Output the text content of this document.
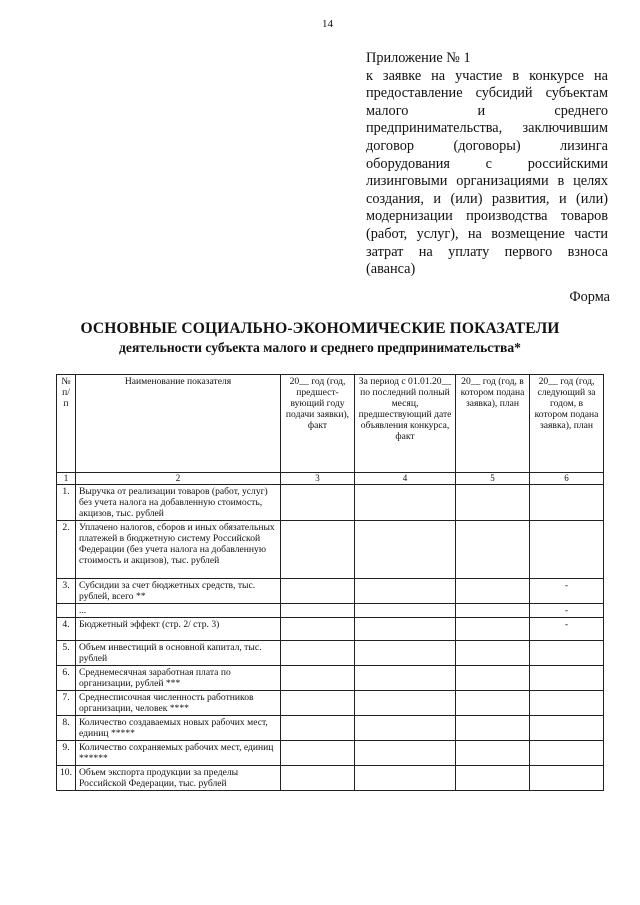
14
Приложение № 1
к заявке на участие в конкурсе на предоставление субсидий субъектам малого и среднего предпринимательства, заключившим договор (договоры) лизинга оборудования с российскими лизинговыми организациями в целях создания, и (или) развития, и (или) модернизации производства товаров (работ, услуг), на возмещение части затрат на уплату первого взноса (аванса)
Форма
ОСНОВНЫЕ СОЦИАЛЬНО-ЭКОНОМИЧЕСКИЕ ПОКАЗАТЕЛИ
деятельности субъекта малого и среднего предпринимательства*
№ п/п	Наименование показателя	20__ год (год, предшест-вующий году подачи заявки), факт	За период с 01.01.20__ по последний полный месяц, предшествующий дате объявления конкурса, факт	20__ год (год, в котором подана заявка), план	20__ год (год, следующий за годом, в котором подана заявка), план
1	2	3	4	5	6
1.	Выручка от реализации товаров (работ, услуг) без учета налога на добавленную стоимость, акцизов, тыс. рублей				
2.	Уплачено налогов, сборов и иных обязательных платежей в бюджетную систему Российской Федерации (без учета налога на добавленную стоимость и акцизов), тыс. рублей				
3.	Субсидии за счет бюджетных средств, тыс. рублей, всего **				-
	...				-
4.	Бюджетный эффект (стр. 2/ стр. 3)				-
5.	Объем инвестиций в основной капитал, тыс. рублей				
6.	Среднемесячная заработная плата по организации, рублей ***				
7.	Среднесписочная численность работников организации, человек ****				
8.	Количество создаваемых новых рабочих мест, единиц *****				
9.	Количество сохраняемых рабочих мест, единиц ******				
10.	Объем экспорта продукции за пределы Российской Федерации, тыс. рублей				
